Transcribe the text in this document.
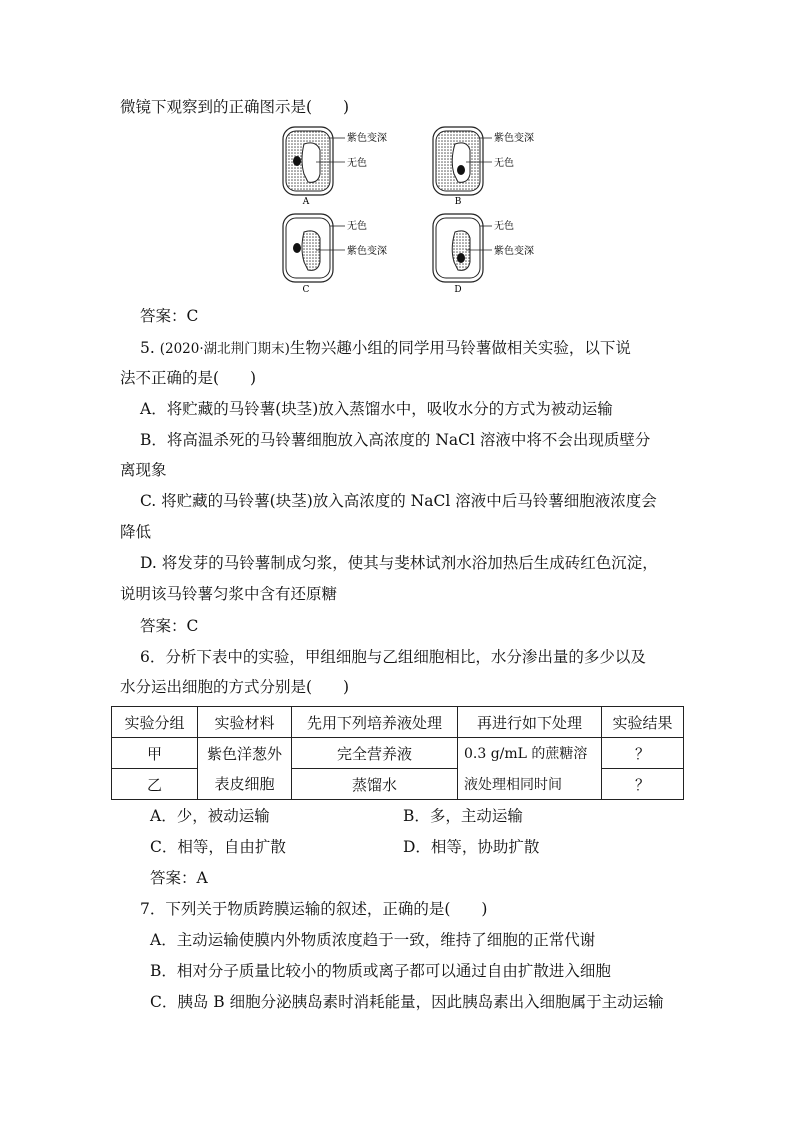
微镜下观察到的正确图示是(　　)
A
紫色变深
无色
B
紫色变深
无色
C
无色
紫色变深
D
无色
紫色变深
答案：C
5. (2020·湖北荆门期末)生物兴趣小组的同学用马铃薯做相关实验，以下说
法不正确的是(　　)
A．将贮藏的马铃薯(块茎)放入蒸馏水中，吸收水分的方式为被动运输
B．将高温杀死的马铃薯细胞放入高浓度的 NaCl 溶液中将不会出现质壁分
离现象
C. 将贮藏的马铃薯(块茎)放入高浓度的 NaCl 溶液中后马铃薯细胞液浓度会
降低
D. 将发芽的马铃薯制成匀浆，使其与斐林试剂水浴加热后生成砖红色沉淀，
说明该马铃薯匀浆中含有还原糖
答案：C
6．分析下表中的实验，甲组细胞与乙组细胞相比，水分渗出量的多少以及
水分运出细胞的方式分别是(　　)
实验分组	实验材料	先用下列培养液处理	再进行如下处理	实验结果
甲	紫色洋葱外	完全营养液	0.3 g/mL 的蔗糖溶	？
乙	表皮细胞	蒸馏水	液处理相同时间	？
A．少，被动运输	B．多，主动运输
C．相等，自由扩散	D．相等，协助扩散
答案：A
7．下列关于物质跨膜运输的叙述，正确的是(　　)
A．主动运输使膜内外物质浓度趋于一致，维持了细胞的正常代谢
B．相对分子质量比较小的物质或离子都可以通过自由扩散进入细胞
C．胰岛 B 细胞分泌胰岛素时消耗能量，因此胰岛素出入细胞属于主动运输
